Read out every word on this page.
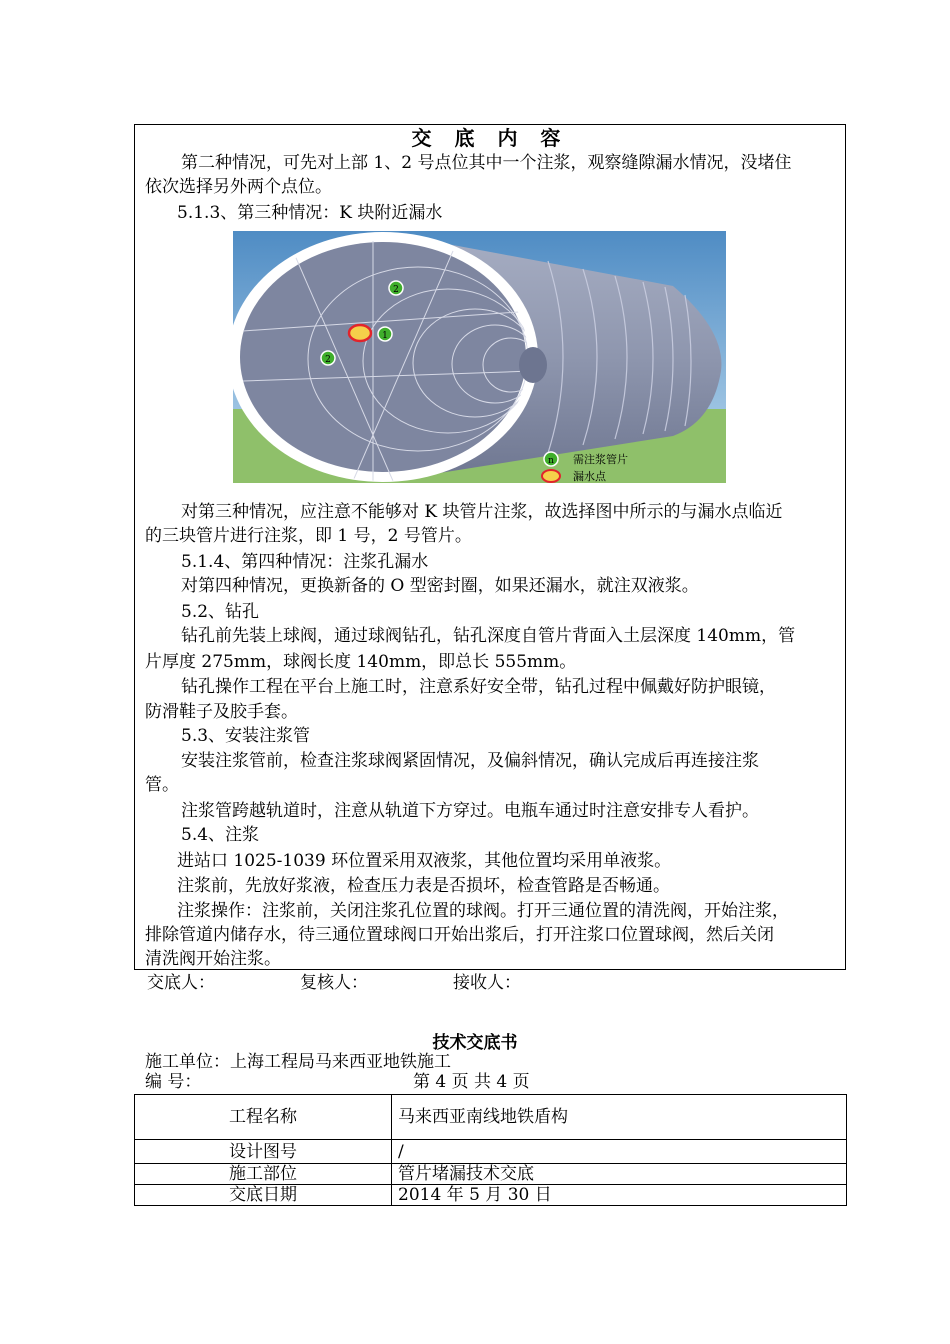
交 底 内 容
第二种情况，可先对上部 1、2 号点位其中一个注浆，观察缝隙漏水情况，没堵住
依次选择另外两个点位。
5.1.3、第三种情况：K 块附近漏水
2
1
2
n 需注浆管片
漏水点
对第三种情况，应注意不能够对 K 块管片注浆，故选择图中所示的与漏水点临近
的三块管片进行注浆，即 1 号，2 号管片。
5.1.4、第四种情况：注浆孔漏水
对第四种情况，更换新备的 O 型密封圈，如果还漏水，就注双液浆。
5.2、钻孔
钻孔前先装上球阀，通过球阀钻孔，钻孔深度自管片背面入土层深度 140mm，管
片厚度 275mm，球阀长度 140mm，即总长 555mm。
钻孔操作工程在平台上施工时，注意系好安全带，钻孔过程中佩戴好防护眼镜，
防滑鞋子及胶手套。
5.3、安装注浆管
安装注浆管前，检查注浆球阀紧固情况，及偏斜情况，确认完成后再连接注浆
管。
注浆管跨越轨道时，注意从轨道下方穿过。电瓶车通过时注意安排专人看护。
5.4、注浆
进站口 1025-1039 环位置采用双液浆，其他位置均采用单液浆。
注浆前，先放好浆液，检查压力表是否损坏，检查管路是否畅通。
注浆操作：注浆前，关闭注浆孔位置的球阀。打开三通位置的清洗阀，开始注浆，
排除管道内储存水，待三通位置球阀口开始出浆后，打开注浆口位置球阀，然后关闭
清洗阀开始注浆。
交底人：	复核人：	接收人：
技术交底书
施工单位：上海工程局马来西亚地铁施工
编 号：	第 4 页 共 4 页
工程名称	马来西亚南线地铁盾构
设计图号	/
施工部位	管片堵漏技术交底
交底日期	2014 年 5 月 30 日
